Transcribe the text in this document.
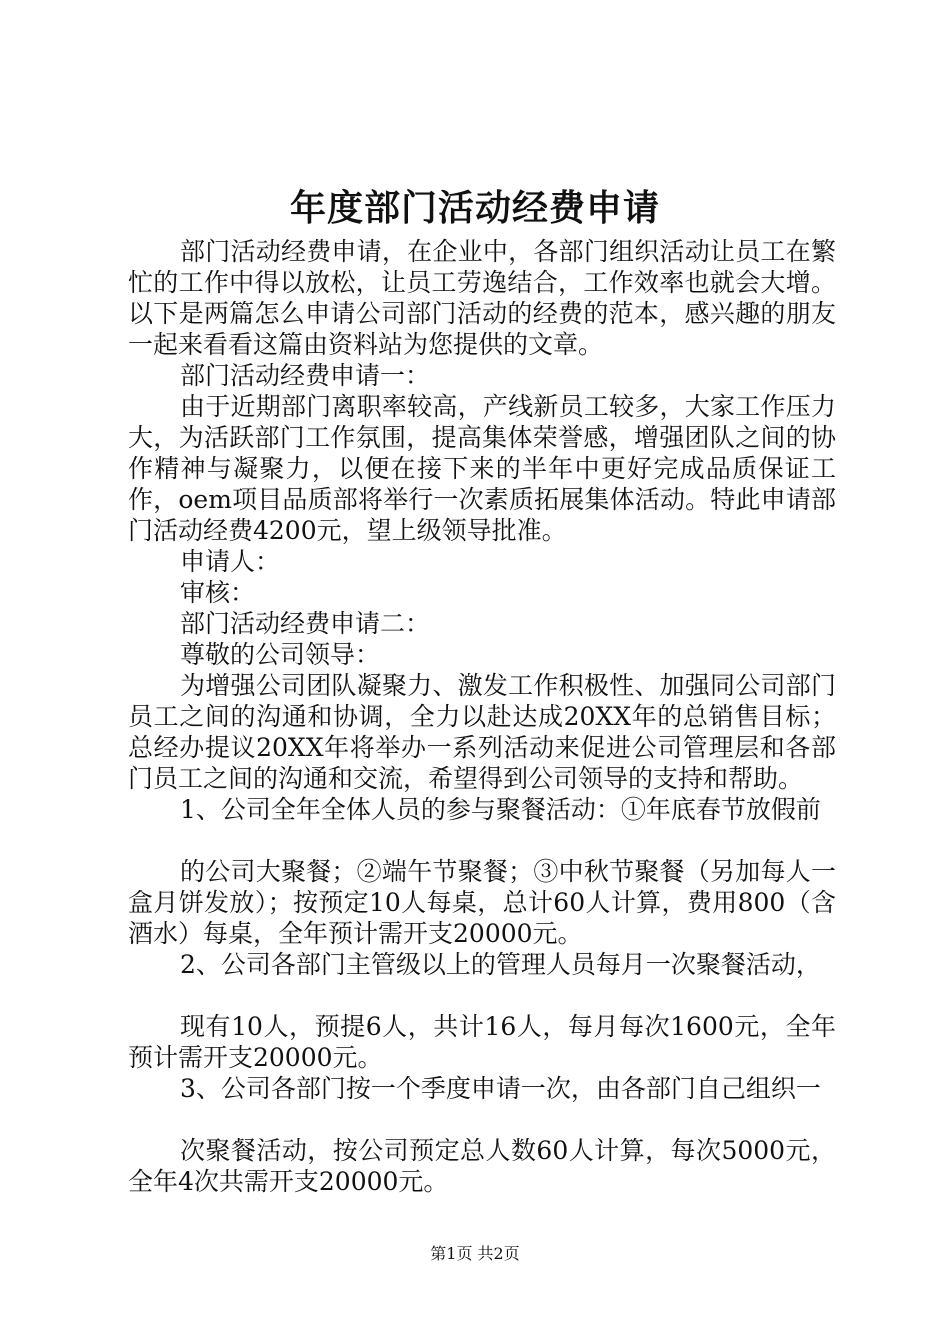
年度部门活动经费申请

部门活动经费申请，在企业中，各部门组织活动让员工在繁忙的工作中得以放松，让员工劳逸结合，工作效率也就会大增。以下是两篇怎么申请公司部门活动的经费的范本，感兴趣的朋友一起来看看这篇由资料站为您提供的文章。

部门活动经费申请一：

由于近期部门离职率较高，产线新员工较多，大家工作压力大，为活跃部门工作氛围，提高集体荣誉感，增强团队之间的协作精神与凝聚力，以便在接下来的半年中更好完成品质保证工作，oem项目品质部将举行一次素质拓展集体活动。特此申请部门活动经费4200元，望上级领导批准。

申请人：

审核：

部门活动经费申请二：

尊敬的公司领导：

为增强公司团队凝聚力、激发工作积极性、加强同公司部门员工之间的沟通和协调，全力以赴达成20XX年的总销售目标；总经办提议20XX年将举办一系列活动来促进公司管理层和各部门员工之间的沟通和交流，希望得到公司领导的支持和帮助。

1、公司全年全体人员的参与聚餐活动：①年底春节放假前

的公司大聚餐；②端午节聚餐；③中秋节聚餐（另加每人一盒月饼发放）；按预定10人每桌，总计60人计算，费用800（含酒水）每桌，全年预计需开支20000元。

2、公司各部门主管级以上的管理人员每月一次聚餐活动，

现有10人，预提6人，共计16人，每月每次1600元，全年预计需开支20000元。

3、公司各部门按一个季度申请一次，由各部门自己组织一

次聚餐活动，按公司预定总人数60人计算，每次5000元，全年4次共需开支20000元。

第1页 共2页
